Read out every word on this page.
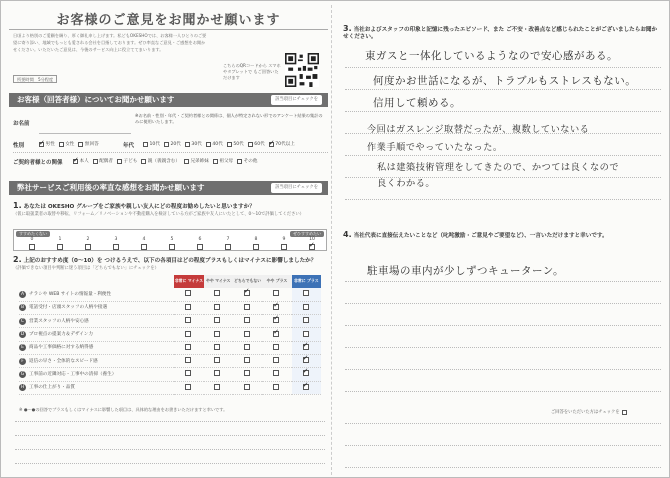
お客様のご意見をお聞かせ願います
日頃より格別のご愛顧を賜り、厚く御礼申し上げます。私どもOKESHOでは、お客様一人ひとりのご要望に寄り添い、地域でもっとも愛される会社を目指しております。ぜひ率直なご意見・ご感想をお聞かせください。いただいたご意見は、今後のサービス向上に役立ててまいります。
所要時間　5分程度
こちらのQRコードから スマホやタブレットで もご回答いただけます
お客様（回答者様）についてお聞かせ願います	該当項目にチェックを
お名前
※お名前・性別・年代・ご契約者様との関係は、個人が特定されない形でのアンケート結果の集計のみに使用いたします。
性別 ✓	男性 女性 無回答	年代	10代 20代 30代 40代 50代 60代 ✓ 70代以上
ご契約者様との関係 ✓	本人 配偶者 子ども 親（義親含む） 兄弟姉妹 祖父母 その他
弊社サービスご利用後の率直な感想をお聞かせ願います	該当項目にチェックを
1. あなたは OKESHO グループをご家族や親しい友人にどの程度お勧めしたいと思いますか？
（仮に取扱業者の取替や移転、リフォーム／リノベーションや不動産購入を検討している方がご家族や友人にいたとして、0〜10で評価してください）
すすめたくない	ぜひすすめたい
0	1	2	3	4	5	6	7	8	9	10
✓
2. 上記のおすすめ度（0〜10）を つけるうえで、以下の各項目はどの程度プラスもしくはマイナスに影響しましたか？
（評価できない項目や判断に迷う項目は「どちらでもない」にチェックを）
	非常に マイナス	やや マイナス	どちらでもない	やや プラス	非常に プラス
A チラシや WEB サイトの情報量・利便性			✓		
B 電話受付・店頭スタッフの人柄や接遇				✓	
C 営業スタッフの人柄や安心感				✓	
D プロ視点の提案力＆デザイン力				✓	
E 商品や工事価格に対する納得感					✓
F 返信の早さ・全体的なスピード感					✓
G 工事前の近隣対応・工事中の清掃（養生）					✓
H 工事の仕上がり・品質					✓
※ ●〜●の回答でプラスもしくはマイナスに影響した項目は、具体的な理由をお書きいただけますと幸いです。
3. 当社およびスタッフの印象と記憶に残ったエピソード、また ご不安・改善点など感じられたことがございましたらお聞かせください。
東ガスと一体化しているようなので安心感がある。
何度かお世話になるが、トラブルもストレスもない。
信用して頼める。
今回はガスレンジ取替だったが、複数していないる
作業手順でやっていたなった。
私は建築技術管理をしてきたので、かつては良くなので
良くわかる。
4. 当社代表に直接伝えたいことなど（叱咤激励・ご意見やご要望など）、一言いただけますと幸いです。
駐車場の車内が少しずつキューターン。
ご回答をいただいた方はチェックを
